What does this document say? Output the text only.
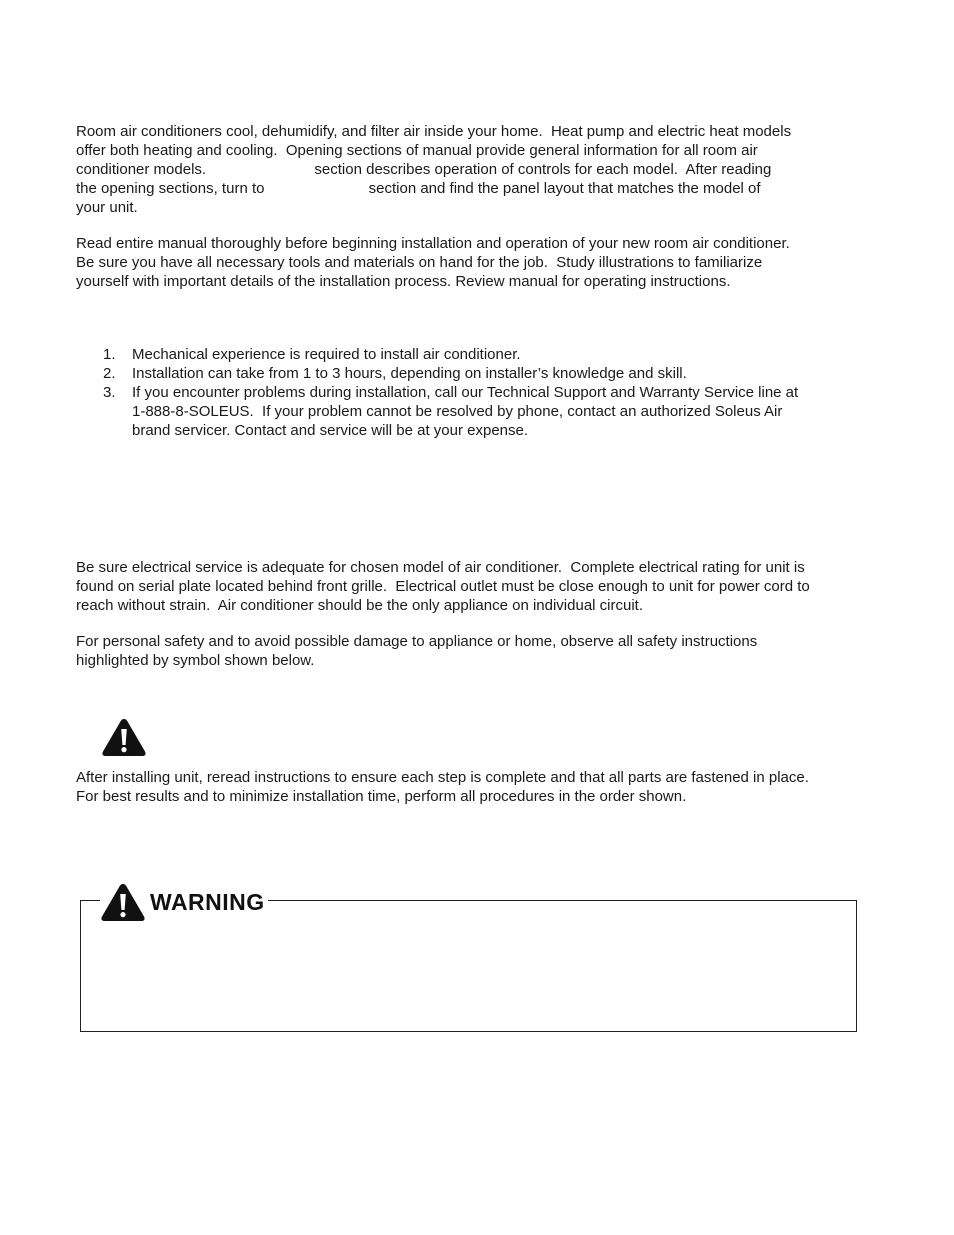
Room air conditioners cool, dehumidify, and filter air inside your home.  Heat pump and electric heat models
offer both heating and cooling.  Opening sections of manual provide general information for all room air
conditioner models.                          section describes operation of controls for each model.  After reading
the opening sections, turn to                         section and find the panel layout that matches the model of
your unit.
Read entire manual thoroughly before beginning installation and operation of your new room air conditioner.
Be sure you have all necessary tools and materials on hand for the job.  Study illustrations to familiarize
yourself with important details of the installation process. Review manual for operating instructions.
1. Mechanical experience is required to install air conditioner.
2. Installation can take from 1 to 3 hours, depending on installer’s knowledge and skill.
3. If you encounter problems during installation, call our Technical Support and Warranty Service line at
1-888-8-SOLEUS.  If your problem cannot be resolved by phone, contact an authorized Soleus Air
brand servicer. Contact and service will be at your expense.
Be sure electrical service is adequate for chosen model of air conditioner.  Complete electrical rating for unit is
found on serial plate located behind front grille.  Electrical outlet must be close enough to unit for power cord to
reach without strain.  Air conditioner should be the only appliance on individual circuit.
For personal safety and to avoid possible damage to appliance or home, observe all safety instructions
highlighted by symbol shown below.
After installing unit, reread instructions to ensure each step is complete and that all parts are fastened in place.
For best results and to minimize installation time, perform all procedures in the order shown.
WARNING
